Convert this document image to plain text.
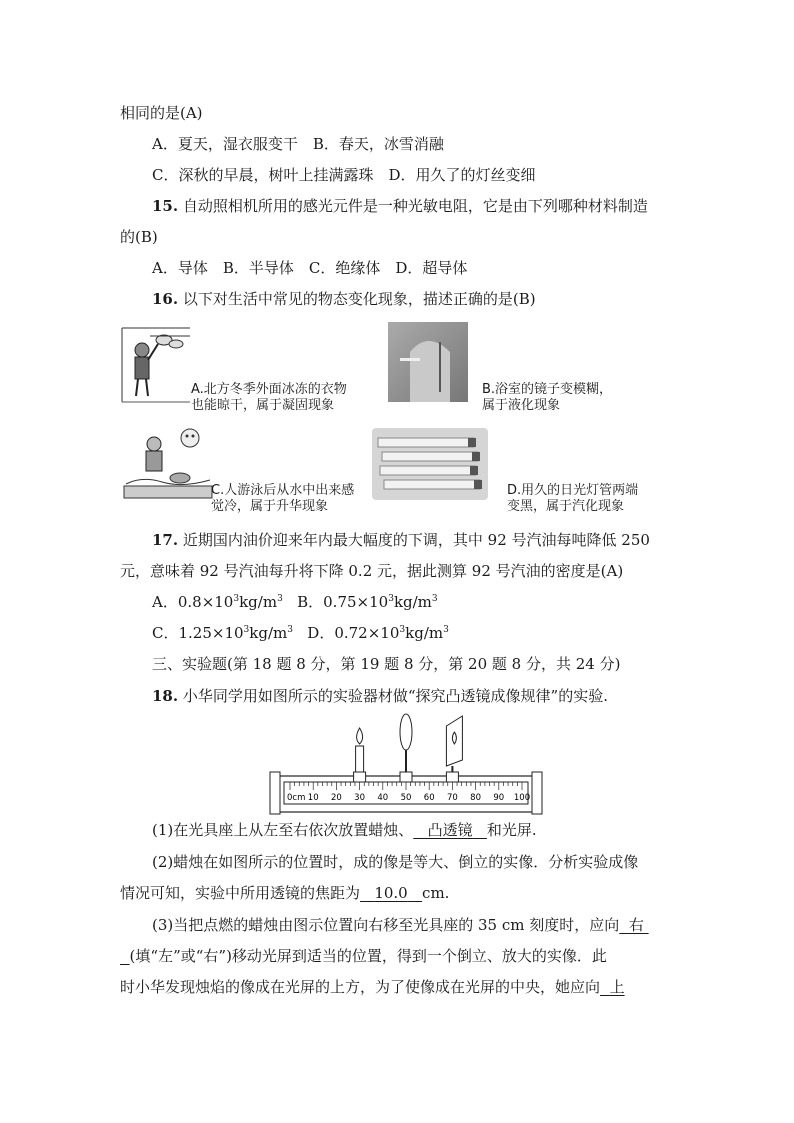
相同的是(A)
A．夏天，湿衣服变干　B．春天，冰雪消融
C．深秋的早晨，树叶上挂满露珠　D．用久了的灯丝变细
15. 自动照相机所用的感光元件是一种光敏电阻，它是由下列哪种材料制造
的(B)
A．导体　B．半导体　C．绝缘体　D．超导体
16. 以下对生活中常见的物态变化现象，描述正确的是(B)
A.北方冬季外面冰冻的衣物
也能晾干，属于凝固现象
B.浴室的镜子变模糊，
属于液化现象
C.人游泳后从水中出来感
觉冷，属于升华现象
D.用久的日光灯管两端
变黑，属于汽化现象
17. 近期国内油价迎来年内最大幅度的下调，其中 92 号汽油每吨降低 250
元，意味着 92 号汽油每升将下降 0.2 元，据此测算 92 号汽油的密度是(A)
A．$0.8\times 10^3kg/m^3$ B．$0.75\times 10^3kg/m^3$
C．$1.25\times 10^3kg/m^3$ D．$0.72\times 10^3kg/m^3$
三、实验题(第 18 题 8 分，第 19 题 8 分，第 20 题 8 分，共 24 分)
18. 小华同学用如图所示的实验器材做“探究凸透镜成像规律”的实验.
0cm 10 20 30 40 50 60 70 80 90 100
(1)在光具座上从左至右依次放置蜡烛、 凸透镜 和光屏.
(2)蜡烛在如图所示的位置时，成的像是等大、倒立的实像．分析实验成像
情况可知，实验中所用透镜的焦距为 10.0 cm.
(3)当把点燃的蜡烛由图示位置向右移至光具座的 35 cm 刻度时，应向 右
(填“左”或“右”)移动光屏到适当的位置，得到一个倒立、放大的实像．此
时小华发现烛焰的像成在光屏的上方，为了使像成在光屏的中央，她应向 上
